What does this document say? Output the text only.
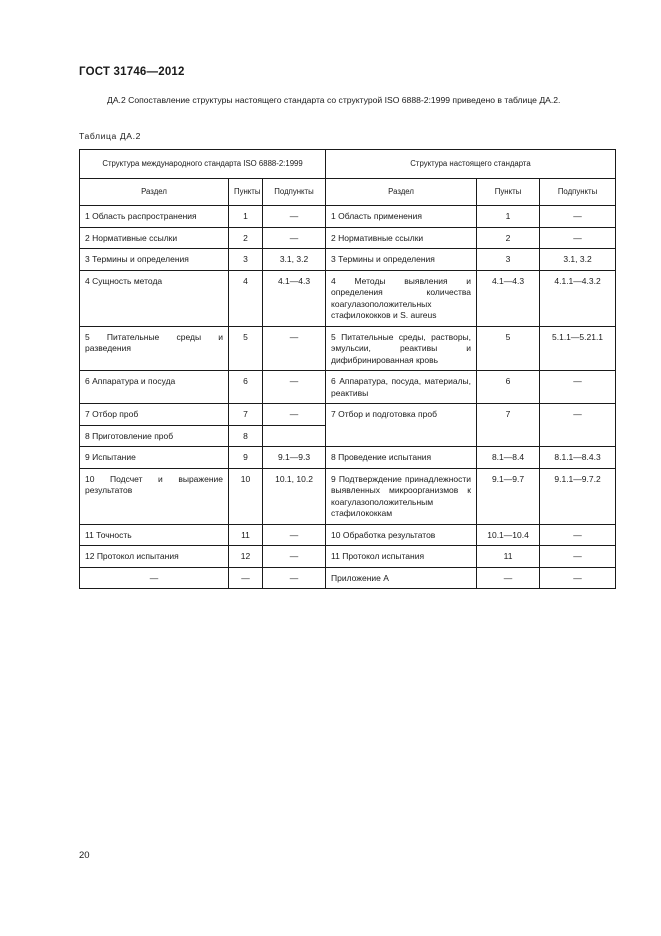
ГОСТ 31746—2012
ДА.2 Сопоставление структуры настоящего стандарта со структурой ISO 6888-2:1999 приведено в таблице ДА.2.
Таблица ДА.2
Структура международного стандарта ISO 6888-2:1999			Структура настоящего стандарта		
Раздел	Пункты	Подпункты	Раздел	Пункты	Подпункты
1 Область распространения	1	—	1 Область применения	1	—
2 Нормативные ссылки	2	—	2 Нормативные ссылки	2	—
3 Термины и определения	3	3.1, 3.2	3 Термины и определения	3	3.1, 3.2
4 Сущность метода	4	4.1—4.3	4 Методы выявления и определения количества коагулазоположительных стафилококков и S. aureus	4.1—4.3	4.1.1—4.3.2
5 Питательные среды и разведения	5	—	5 Питательные среды, растворы, эмульсии, реактивы и дифибринированная кровь	5	5.1.1—5.21.1
6 Аппаратура и посуда	6	—	6 Аппаратура, посуда, материалы, реактивы	6	—
7 Отбор проб	7	—	7 Отбор и подготовка проб	7	—
8 Приготовление проб	8				
9 Испытание	9	9.1—9.3	8 Проведение испытания	8.1—8.4	8.1.1—8.4.3
10 Подсчет и выражение результатов	10	10.1, 10.2	9 Подтверждение принадлежности выявленных микроорганизмов к коагулазоположительным стафилококкам	9.1—9.7	9.1.1—9.7.2
11 Точность	11	—	10 Обработка результатов	10.1—10.4	—
12 Протокол испытания	12	—	11 Протокол испытания	11	—
—	—	—	Приложение А	—	—
20
